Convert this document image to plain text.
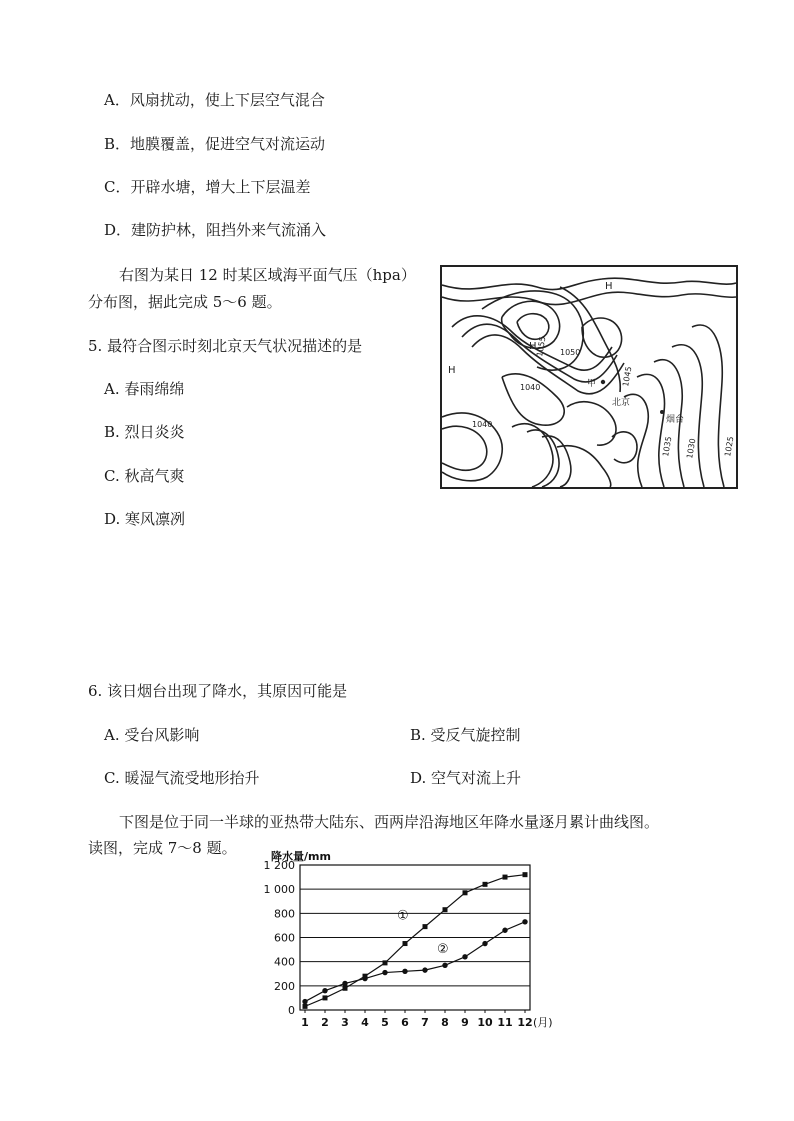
A．风扇扰动，使上下层空气混合
B．地膜覆盖，促进空气对流运动
C．开辟水塘，增大上下层温差
D．建防护林，阻挡外来气流涌入
右图为某日 12 时某区域海平面气压（hpa）
分布图，据此完成 5～6 题。
5. 最符合图示时刻北京天气状况描述的是
A. 春雨绵绵
B. 烈日炎炎
C. 秋高气爽
D. 寒风凛冽
H
H
H
1055 1050
1045
1040
1040
1035 1030	1025
甲
北京
烟台
6. 该日烟台出现了降水，其原因可能是
A. 受台风影响	B. 受反气旋控制
C. 暖湿气流受地形抬升	D. 空气对流上升
下图是位于同一半球的亚热带大陆东、西两岸沿海地区年降水量逐月累计曲线图。
读图，完成 7～8 题。	降水量/mm
0
200
400
600
800
1 000
1 200
1 2 3 4 5 6 7 8 9 10 11 12 (月)
①
②
